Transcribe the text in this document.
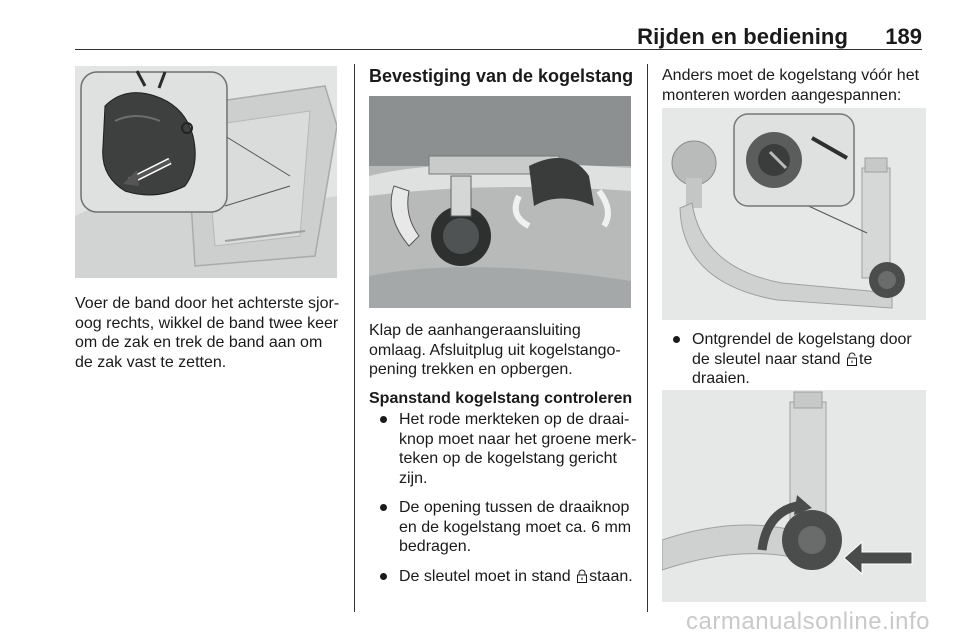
Rijden en bediening 189

Voer de band door het achterste sjor-oog rechts, wikkel de band twee keer om de zak en trek de band aan om de zak vast te zetten.

Bevestiging van de kogelstang

Klap de aanhangeraansluiting omlaag. Afsluitplug uit kogelstango-pening trekken en opbergen.

Spanstand kogelstang controleren
Het rode merkteken op de draai-knop moet naar het groene merk-teken op de kogelstang gericht zijn.
De opening tussen de draaiknop en de kogelstang moet ca. 6 mm bedragen.
De sleutel moet in stand staan.

Anders moet de kogelstang vóór het monteren worden aangespannen:

Ontgrendel de kogelstang door de sleutel naar stand te draaien.
carmanualsonline.info
